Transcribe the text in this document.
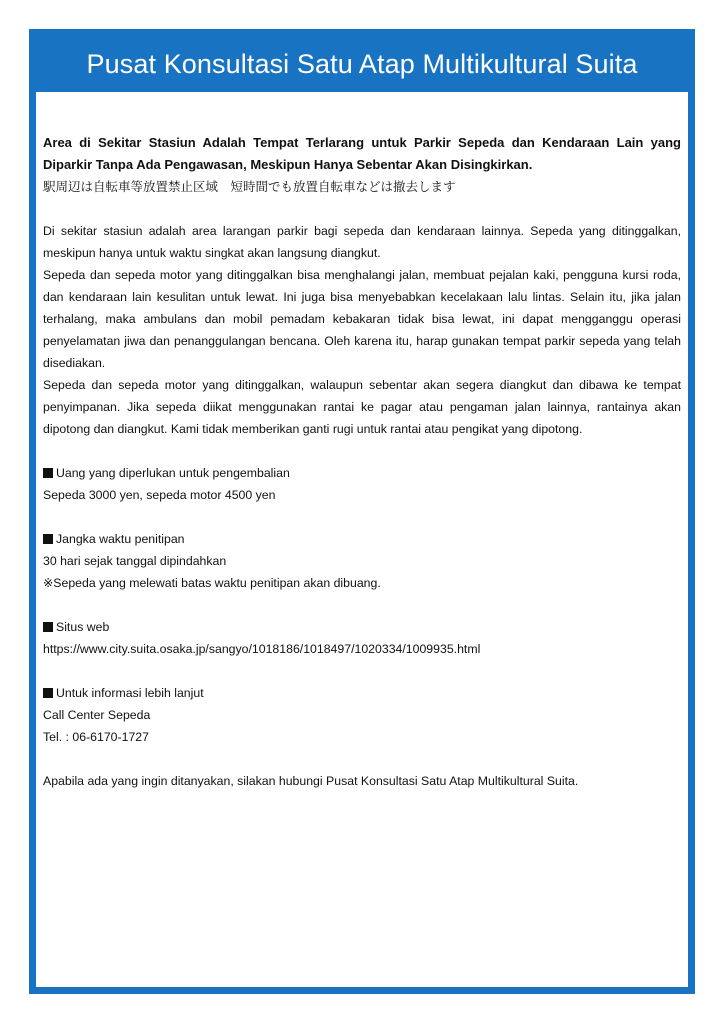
Pusat Konsultasi Satu Atap Multikultural Suita

Area di Sekitar Stasiun Adalah Tempat Terlarang untuk Parkir Sepeda dan Kendaraan Lain yang Diparkir Tanpa Ada Pengawasan, Meskipun Hanya Sebentar Akan Disingkirkan.

駅周辺は自転車等放置禁止区域　短時間でも放置自転車などは撤去します

Di sekitar stasiun adalah area larangan parkir bagi sepeda dan kendaraan lainnya. Sepeda yang ditinggalkan, meskipun hanya untuk waktu singkat akan langsung diangkut.

Sepeda dan sepeda motor yang ditinggalkan bisa menghalangi jalan, membuat pejalan kaki, pengguna kursi roda, dan kendaraan lain kesulitan untuk lewat. Ini juga bisa menyebabkan kecelakaan lalu lintas. Selain itu, jika jalan terhalang, maka ambulans dan mobil pemadam kebakaran tidak bisa lewat, ini dapat mengganggu operasi penyelamatan jiwa dan penanggulangan bencana. Oleh karena itu, harap gunakan tempat parkir sepeda yang telah disediakan.

Sepeda dan sepeda motor yang ditinggalkan, walaupun sebentar akan segera diangkut dan dibawa ke tempat penyimpanan. Jika sepeda diikat menggunakan rantai ke pagar atau pengaman jalan lainnya, rantainya akan dipotong dan diangkut. Kami tidak memberikan ganti rugi untuk rantai atau pengikat yang dipotong.

Uang yang diperlukan untuk pengembalian

Sepeda 3000 yen, sepeda motor 4500 yen

Jangka waktu penitipan

30 hari sejak tanggal dipindahkan

※Sepeda yang melewati batas waktu penitipan akan dibuang.

Situs web

https://www.city.suita.osaka.jp/sangyo/1018186/1018497/1020334/1009935.html

Untuk informasi lebih lanjut

Call Center Sepeda

Tel. : 06-6170-1727

Apabila ada yang ingin ditanyakan, silakan hubungi Pusat Konsultasi Satu Atap Multikultural Suita.
